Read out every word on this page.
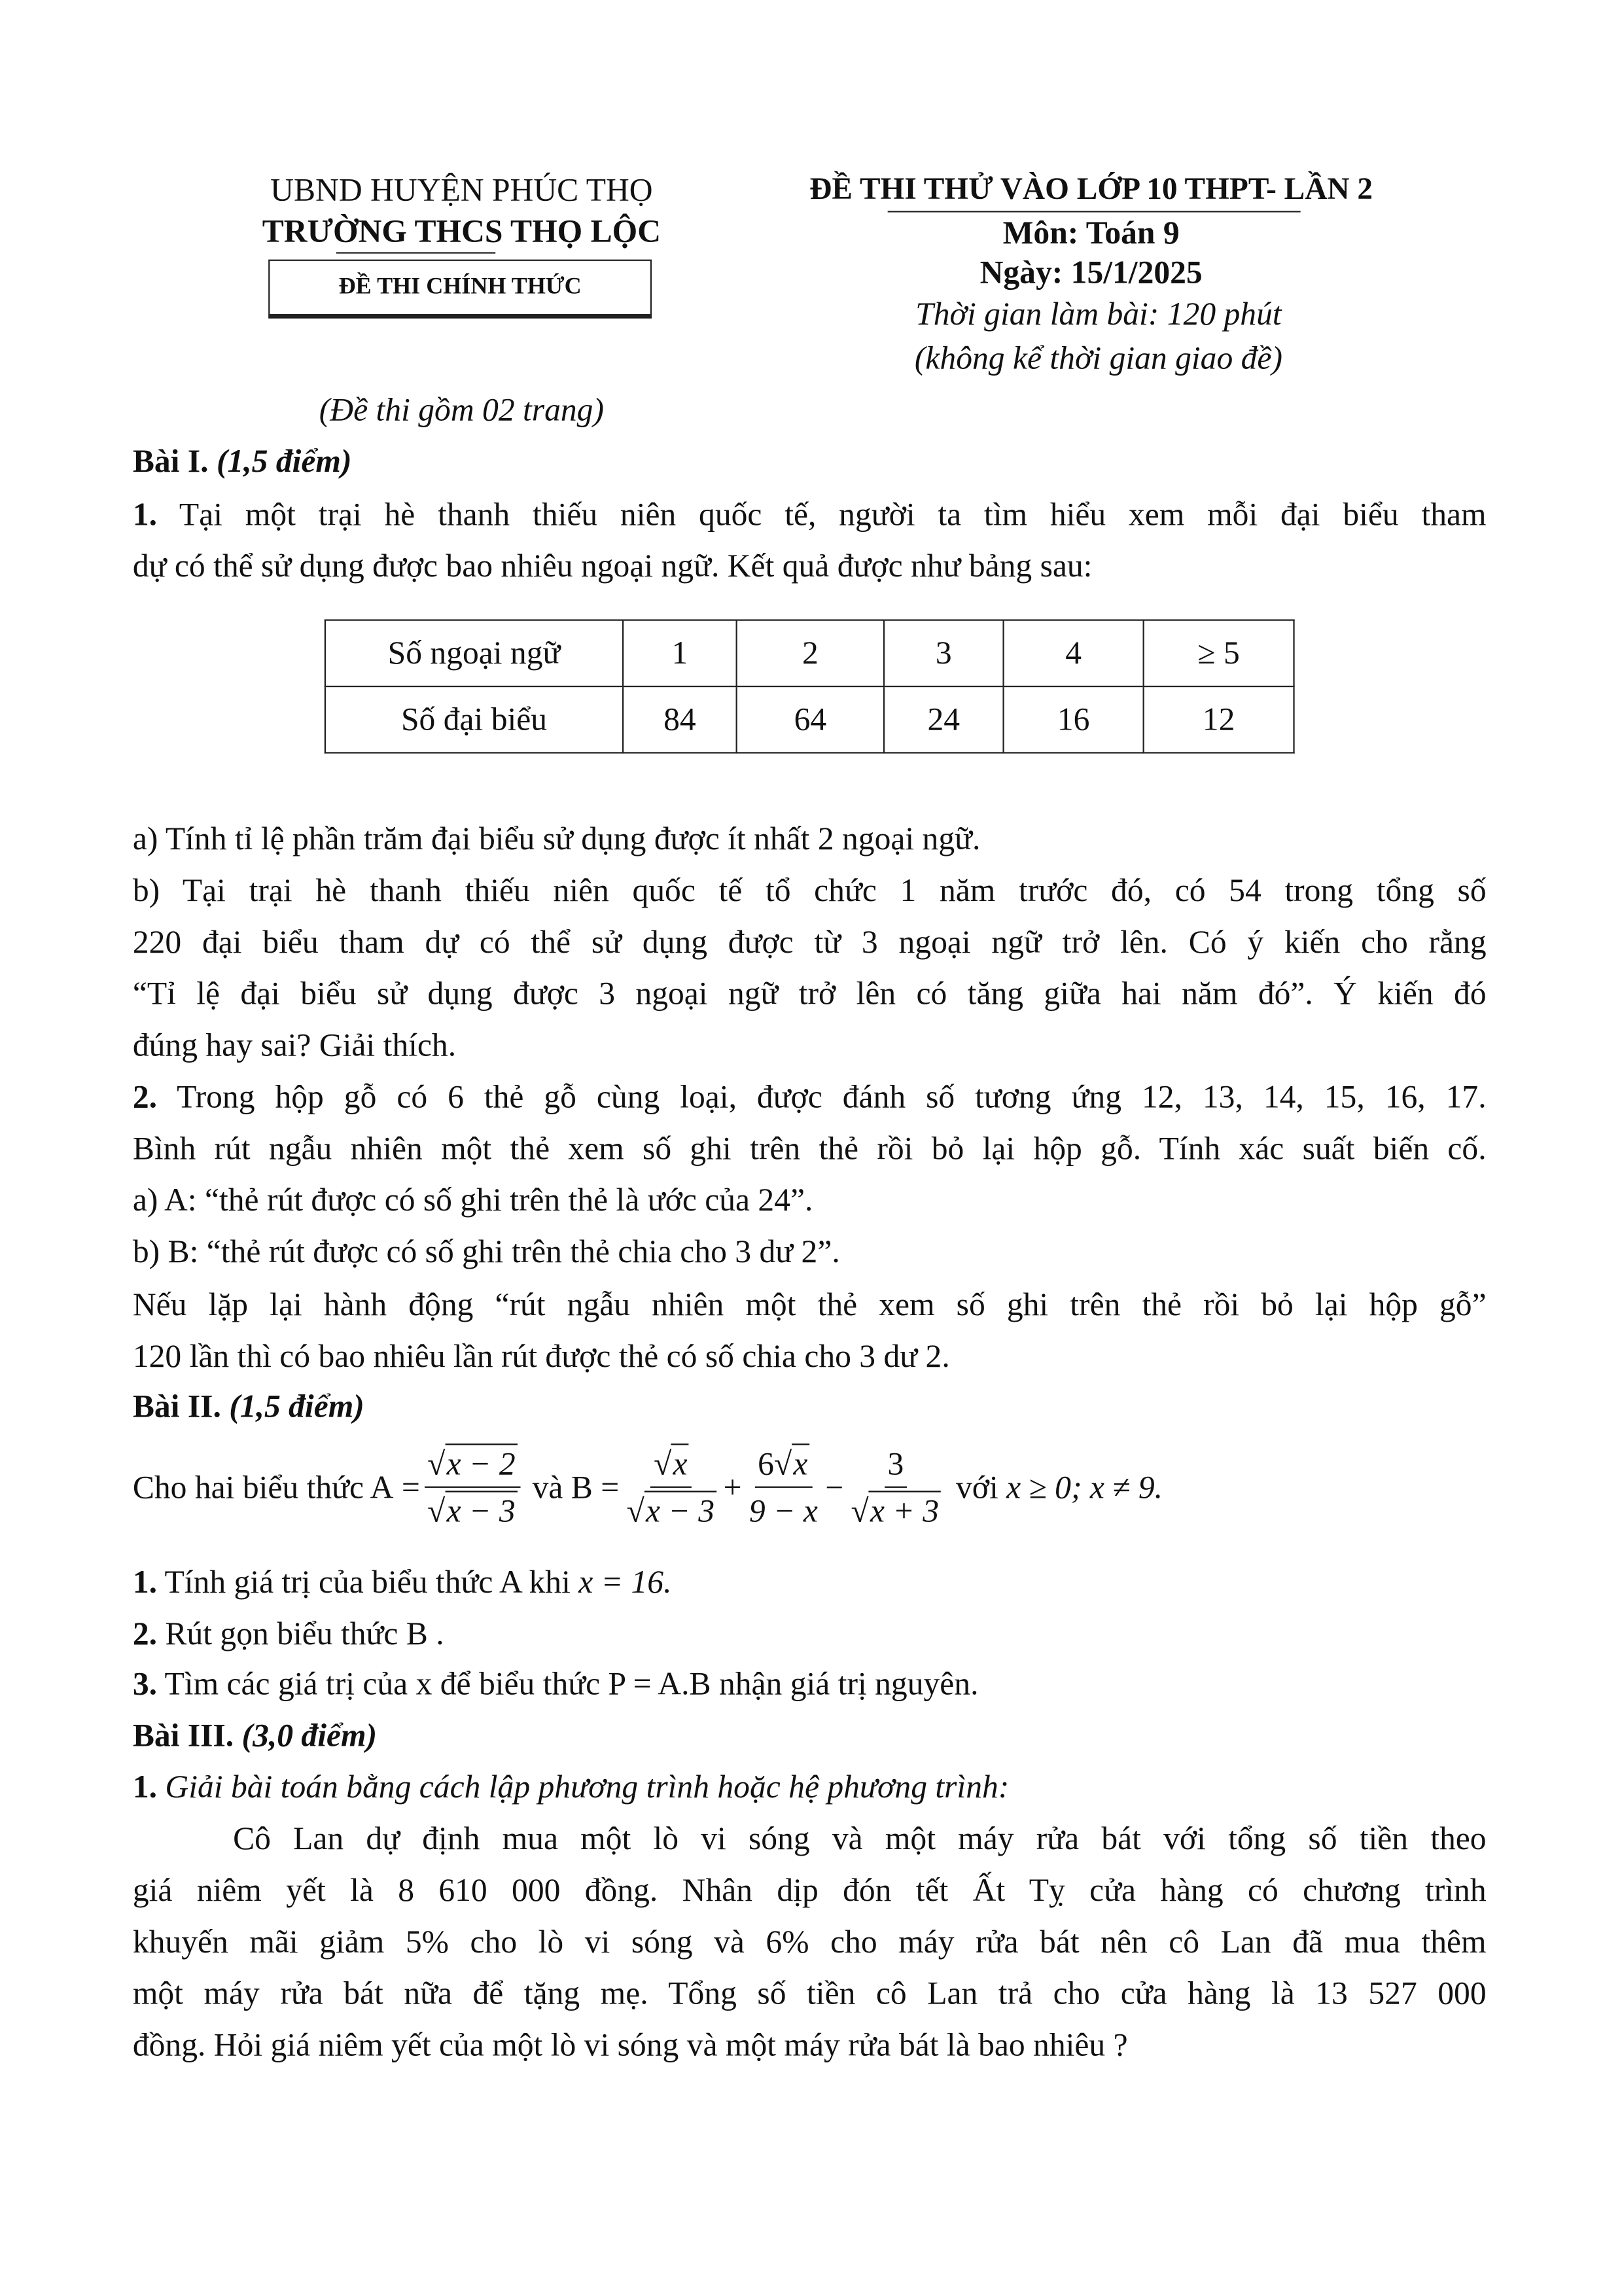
UBND HUYỆN PHÚC THỌ
TRƯỜNG THCS THỌ LỘC
ĐỀ THI CHÍNH THỨC
ĐỀ THI THỬ VÀO LỚP 10 THPT- LẦN 2
Môn: Toán 9
Ngày: 15/1/2025
Thời gian làm bài: 120 phút
(không kể thời gian giao đề)
(Đề thi gồm 02 trang)
Bài I. (1,5 điểm)
1. Tại một trại hè thanh thiếu niên quốc tế, người ta tìm hiểu xem mỗi đại biểu tham
dự có thể sử dụng được bao nhiêu ngoại ngữ. Kết quả được như bảng sau:
Số ngoại ngữ	1	2	3	4	≥ 5
Số đại biểu	84	64	24	16	12
a) Tính tỉ lệ phần trăm đại biểu sử dụng được ít nhất 2 ngoại ngữ.
b) Tại trại hè thanh thiếu niên quốc tế tổ chức 1 năm trước đó, có 54 trong tổng số
220 đại biểu tham dự có thể sử dụng được từ 3 ngoại ngữ trở lên. Có ý kiến cho rằng
“Tỉ lệ đại biểu sử dụng được 3 ngoại ngữ trở lên có tăng giữa hai năm đó”. Ý kiến đó
đúng hay sai? Giải thích.
2. Trong hộp gỗ có 6 thẻ gỗ cùng loại, được đánh số tương ứng 12, 13, 14, 15, 16, 17.
Bình rút ngẫu nhiên một thẻ xem số ghi trên thẻ rồi bỏ lại hộp gỗ. Tính xác suất biến cố.
a) A: “thẻ rút được có số ghi trên thẻ là ước của 24”.
b) B: “thẻ rút được có số ghi trên thẻ chia cho 3 dư 2”.
Nếu lặp lại hành động “rút ngẫu nhiên một thẻ xem số ghi trên thẻ rồi bỏ lại hộp gỗ”
120 lần thì có bao nhiêu lần rút được thẻ có số chia cho 3 dư 2.
Bài II. (1,5 điểm)
Cho hai biểu thức $A = \frac{√ x - 2}{√ x - 3}$
và $B = \frac{√ x}{√ x - 3} + \frac{6√ x}{9 - x} - \frac{3}{√ x + 3}$
với
x ≥ 0; x ≠ 9.
1. Tính giá trị của biểu thức A khi x = 16.
2. Rút gọn biểu thức B .
3. Tìm các giá trị của x để biểu thức P = A.B nhận giá trị nguyên.
Bài III. (3,0 điểm)
1. Giải bài toán bằng cách lập phương trình hoặc hệ phương trình:
Cô Lan dự định mua một lò vi sóng và một máy rửa bát với tổng số tiền theo
giá niêm yết là 8 610 000 đồng. Nhân dịp đón tết Ất Tỵ cửa hàng có chương trình
khuyến mãi giảm 5% cho lò vi sóng và 6% cho máy rửa bát nên cô Lan đã mua thêm
một máy rửa bát nữa để tặng mẹ. Tổng số tiền cô Lan trả cho cửa hàng là 13 527 000
đồng. Hỏi giá niêm yết của một lò vi sóng và một máy rửa bát là bao nhiêu ?
